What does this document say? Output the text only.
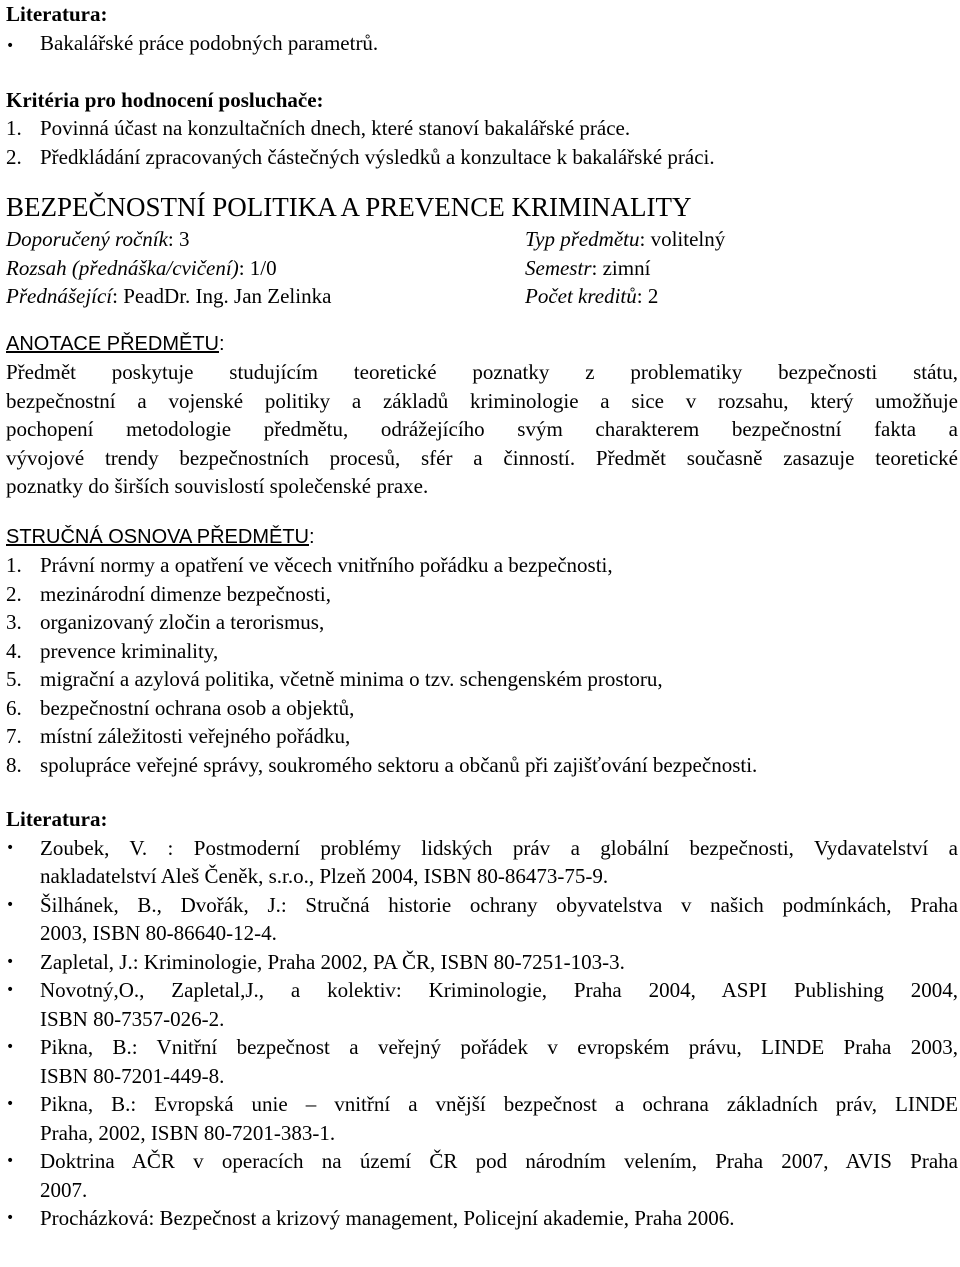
Literatura:
• Bakalářské práce podobných parametrů.
Kritéria pro hodnocení posluchače:
1. Povinná účast na konzultačních dnech, které stanoví bakalářské práce.
2. Předkládání zpracovaných částečných výsledků a konzultace k bakalářské práci.
BEZPEČNOSTNÍ POLITIKA A PREVENCE KRIMINALITY
Doporučený ročník: 3	Typ předmětu: volitelný
Rozsah (přednáška/cvičení): 1/0	Semestr: zimní
Přednášející: PeadDr. Ing. Jan Zelinka	Počet kreditů: 2
ANOTACE PŘEDMĚTU:
Předmět poskytuje studujícím teoretické poznatky z problematiky bezpečnosti státu,
bezpečnostní a vojenské politiky a základů kriminologie a sice v rozsahu, který umožňuje
pochopení metodologie předmětu, odrážejícího svým charakterem bezpečnostní fakta a
vývojové trendy bezpečnostních procesů, sfér a činností. Předmět současně zasazuje teoretické
poznatky do širších souvislostí společenské praxe.
STRUČNÁ OSNOVA PŘEDMĚTU:
1. Právní normy a opatření ve věcech vnitřního pořádku a bezpečnosti,
2. mezinárodní dimenze bezpečnosti,
3. organizovaný zločin a terorismus,
4. prevence kriminality,
5. migrační a azylová politika, včetně minima o tzv. schengenském prostoru,
6. bezpečnostní ochrana osob a objektů,
7. místní záležitosti veřejného pořádku,
8. spolupráce veřejné správy, soukromého sektoru a občanů při zajišťování bezpečnosti.
Literatura:
•	Zoubek, V. : Postmoderní problémy lidských práv a globální bezpečnosti, Vydavatelství a
nakladatelství Aleš Čeněk, s.r.o., Plzeň 2004, ISBN 80-86473-75-9.
•	Šilhánek, B., Dvořák, J.: Stručná historie ochrany obyvatelstva v našich podmínkách, Praha
2003, ISBN 80-86640-12-4.
•	Zapletal, J.: Kriminologie, Praha 2002, PA ČR, ISBN 80-7251-103-3.
•	Novotný,O., Zapletal,J., a kolektiv: Kriminologie, Praha 2004, ASPI Publishing 2004,
ISBN 80-7357-026-2.
•	Pikna, B.: Vnitřní bezpečnost a veřejný pořádek v evropském právu, LINDE Praha 2003,
ISBN 80-7201-449-8.
•	Pikna, B.: Evropská unie – vnitřní a vnější bezpečnost a ochrana základních práv, LINDE
Praha, 2002, ISBN 80-7201-383-1.
•	Doktrina AČR v operacích na území ČR pod národním velením, Praha 2007, AVIS Praha
2007.
•	Procházková: Bezpečnost a krizový management, Policejní akademie, Praha 2006.
